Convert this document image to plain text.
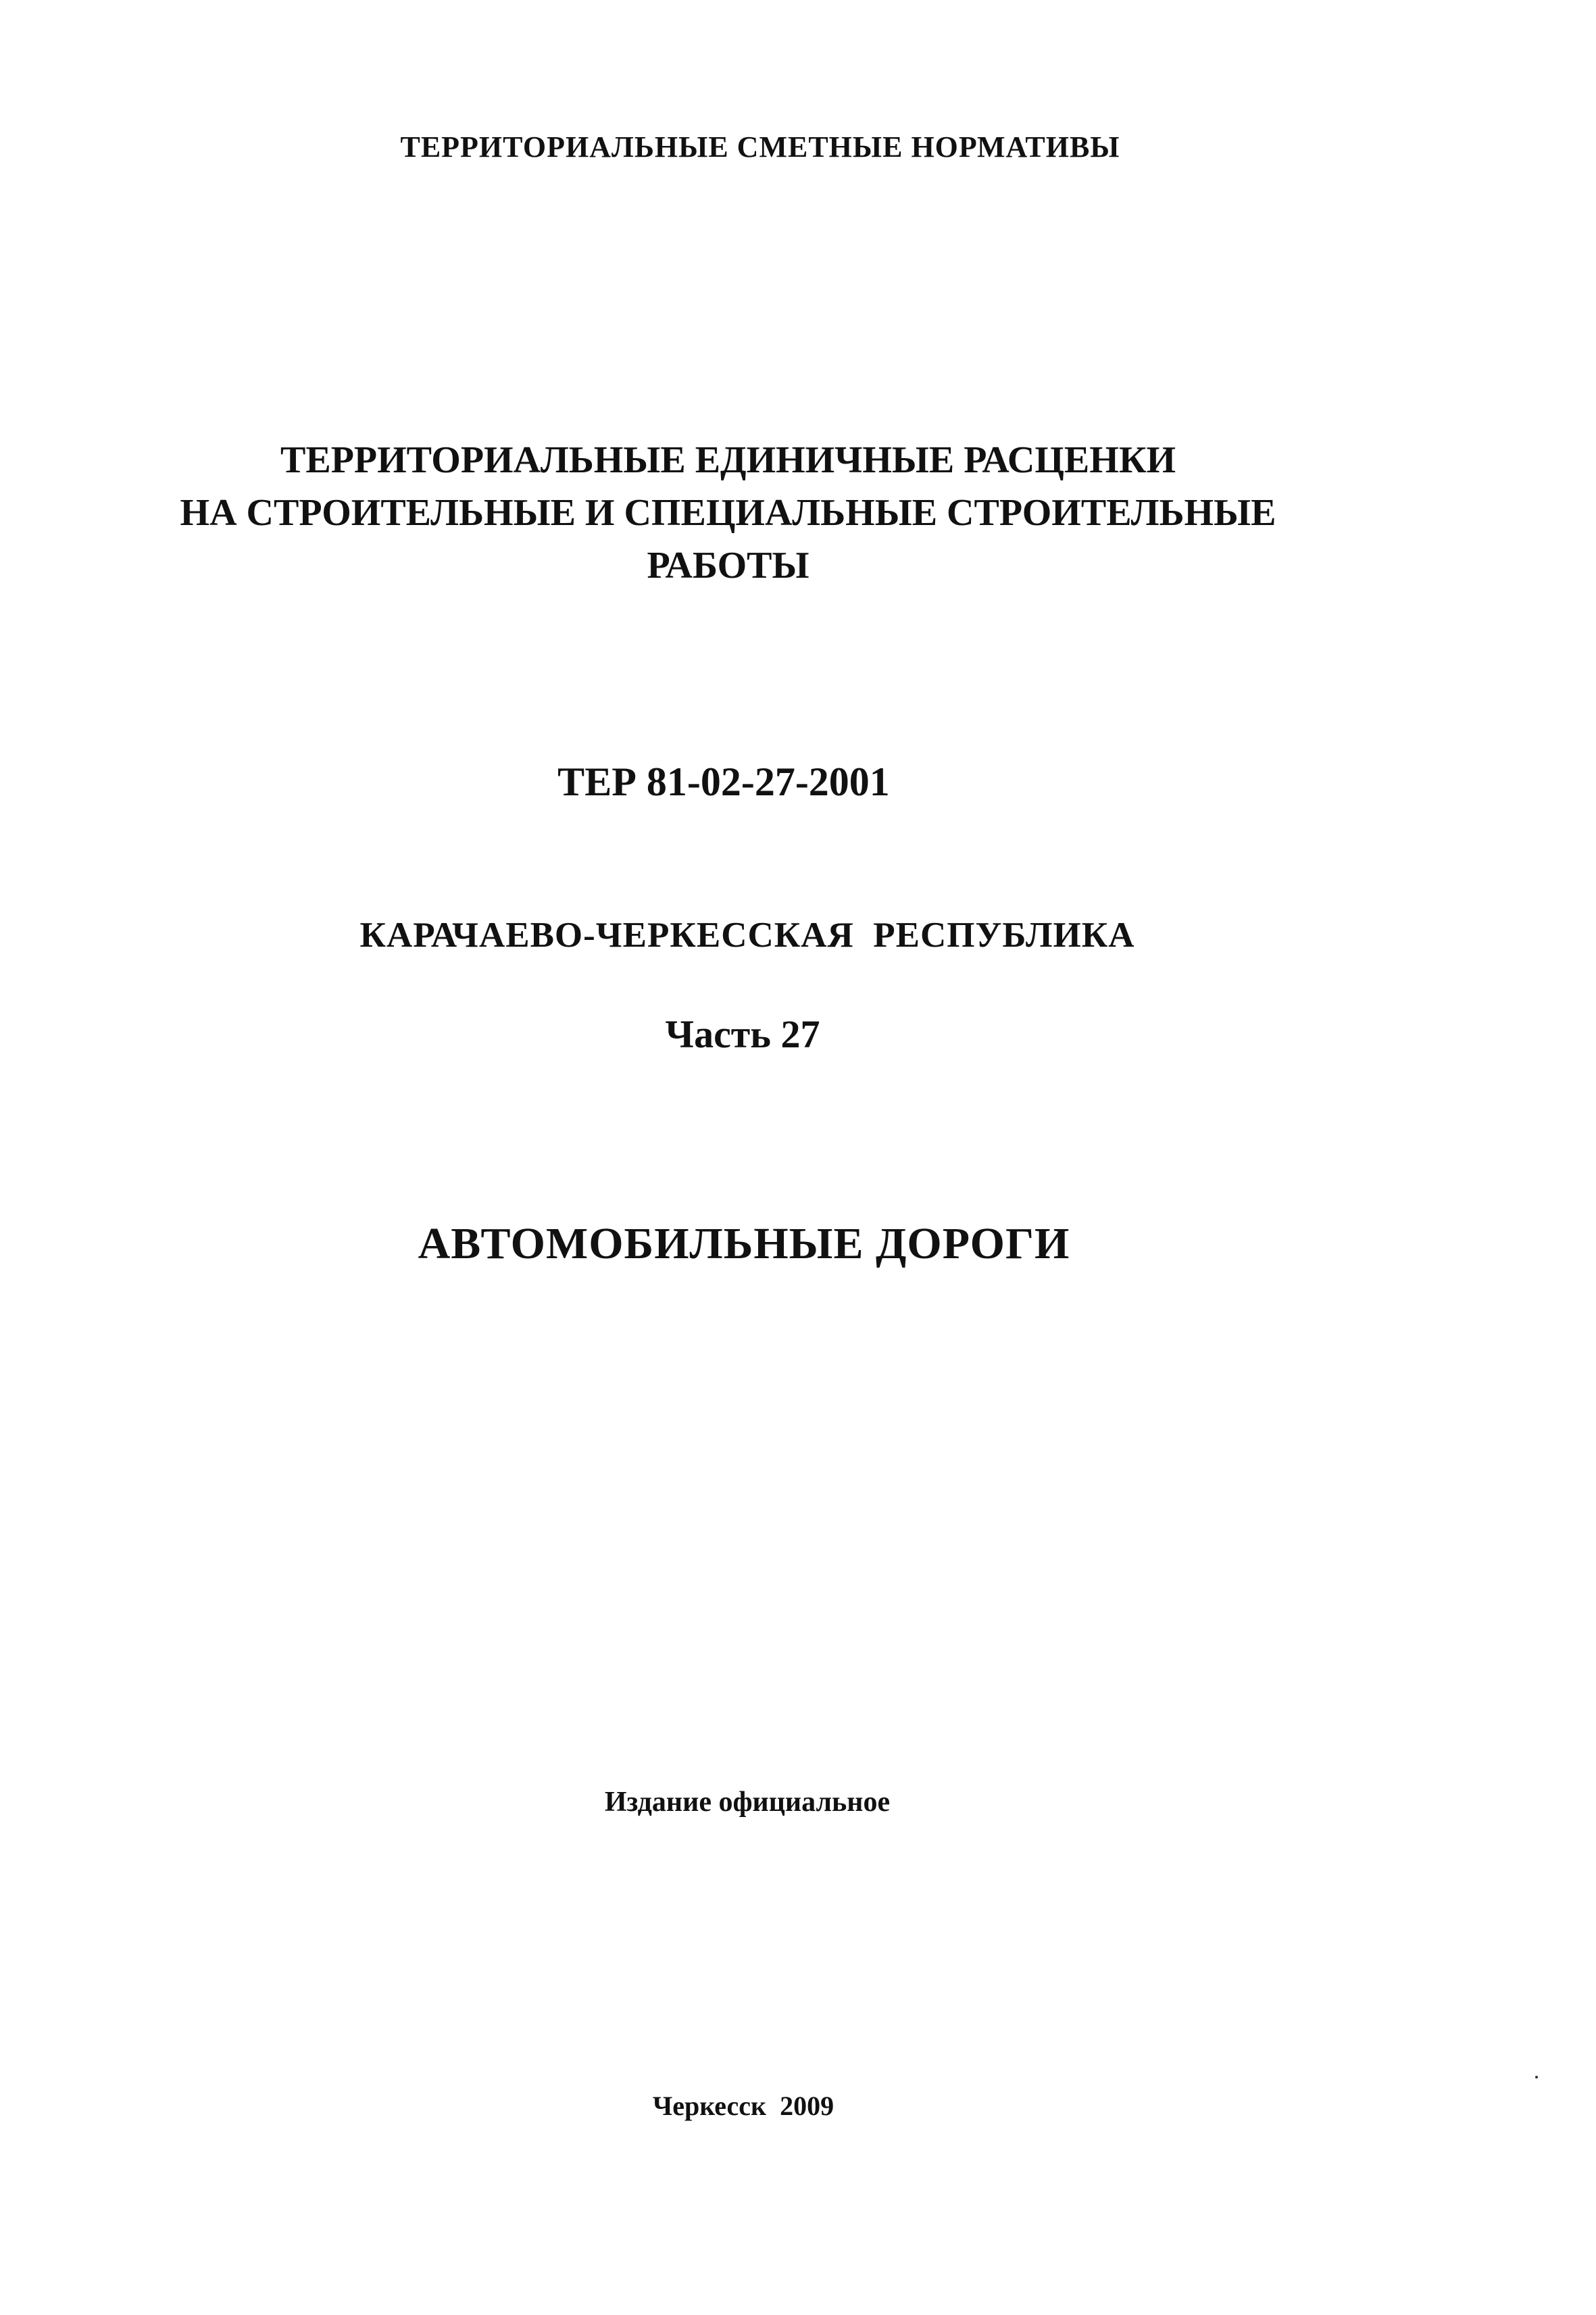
ТЕРРИТОРИАЛЬНЫЕ СМЕТНЫЕ НОРМАТИВЫ
ТЕРРИТОРИАЛЬНЫЕ ЕДИНИЧНЫЕ РАСЦЕНКИ
НА СТРОИТЕЛЬНЫЕ И СПЕЦИАЛЬНЫЕ СТРОИТЕЛЬНЫЕ
РАБОТЫ
ТЕР 81-02-27-2001
КАРАЧАЕВО-ЧЕРКЕССКАЯ  РЕСПУБЛИКА
Часть 27
АВТОМОБИЛЬНЫЕ ДОРОГИ
Издание официальное
Черкесск  2009
